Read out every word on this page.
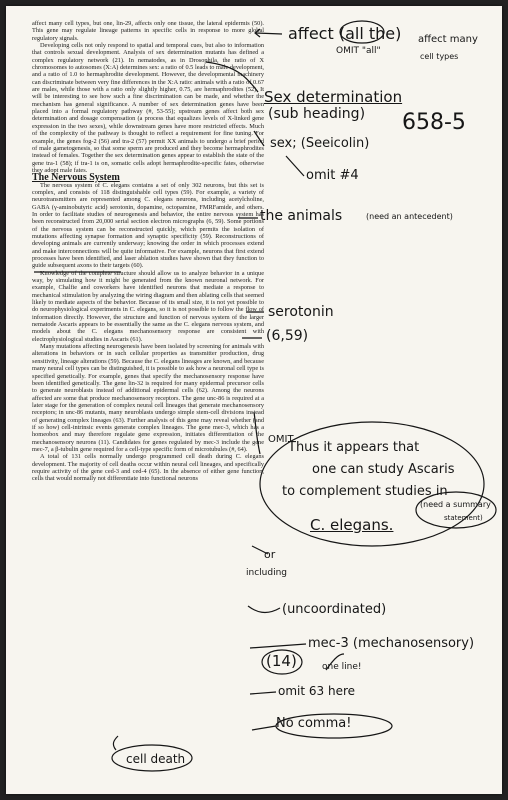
affect many cell types, but one, lin-29, affects only one tissue, the lateral epidermis (50). This gene may regulate lineage patterns in specific cells in response to more global regulatory signals.

Developing cells not only respond to spatial and temporal cues, but also to information that controls sexual development. Analysis of sex determination mutants has defined a complex regulatory network (21). In nematodes, as in Drosophila, the ratio of X chromosomes to autosomes (X:A) determines sex: a ratio of 0.5 leads to male development, and a ratio of 1.0 to hermaphrodite development. However, the developmental machinery can discriminate between very fine differences in the X:A ratio: animals with a ratio of 0.67 are males, while those with a ratio only slightly higher, 0.75, are hermaphrodites (52). It will be interesting to see how such a fine discrimination can be made, and whether the mechanism has general significance. A number of sex determination genes have been placed into a formal regulatory pathway (#, 53-55); upstream genes affect both sex determination and dosage compensation (a process that equalizes levels of X-linked gene expression in the two sexes), while downstream genes have more restricted effects. Much of the complexity of the pathway is thought to reflect a requirement for fine tuning. For example, the genes fog-2 (56) and tra-2 (57) permit XX animals to undergo a brief period of male gametogenesis, so that some sperm are produced and they become hermaphrodites instead of females. Together the sex determination genes appear to establish the state of the gene tra-1 (58); if tra-1 is on, somatic cells adopt hermaphrodite-specific fates, otherwise they adopt male fates.

The Nervous System

The nervous system of C. elegans contains a set of only 302 neurons, but this set is complex, and consists of 118 distinguishable cell types (59). For example, a variety of neurotransmitters are represented among C. elegans neurons, including acetylcholine, GABA (γ-aminobutyric acid) serotonin, dopamine, octopamine, FMRFamide, and others. In order to facilitate studies of neurogenesis and behavior, the entire nervous system has been reconstructed from 20,000 serial section electron micrographs (6, 59). Some portions of the nervous system can be reconstructed quickly, which permits the isolation of mutations affecting synapse formation and synaptic specificity (59). Reconstructions of developing animals are currently underway; knowing the order in which processes extend and make interconnections will be quite informative. For example, neurons that first extend processes have been identified, and laser ablation studies have shown that they function to guide subsequent axons to their targets (60).

Knowledge of the complete structure should allow us to analyze behavior in a unique way, by simulating how it might be generated from the known neuronal network. For example, Chalfie and coworkers have identified neurons that mediate a response to mechanical stimulation by analyzing the wiring diagram and then ablating cells that seemed likely to mediate aspects of the behavior. Because of its small size, it is not yet possible to do neurophysiological experiments in C. elegans, so it is not possible to follow the flow of information directly. However, the structure and function of nervous system of the larger nematode Ascaris appears to be essentially the same as the C. elegans nervous system, and models about the C. elegans mechanosensory response are consistent with electrophysiological studies in Ascaris (61).

Many mutations affecting neurogenesis have been isolated by screening for animals with alterations in behaviors or in such cellular properties as transmitter production, drug sensitivity, lineage alterations (59). Because the C. elegans lineages are known, and because many neural cell types can be distinguished, it is possible to ask how a neuronal cell type is specified genetically. For example, genes that specify the mechanosensory response have been identified genetically. The gene lin-32 is required for many epidermal precursor cells to generate neuroblasts instead of additional epidermal cells (62). Among the neurons affected are some that produce mechanosensory receptors. The gene unc-86 is required at a later stage for the generation of complex neural cell lineages that generate mechanosensory receptors; in unc-86 mutants, many neuroblasts undergo simple stem-cell divisions instead of generating complex lineages (63). Further analysis of this gene may reveal whether (and if so how) cell-intrinsic events generate complex lineages. The gene mec-3, which has a homeobox and may therefore regulate gene expression, initiates differentiation of the mechanosensory neurons (11). Candidates for genes regulated by mec-3 include the gene mec-7, a β-tubulin gene required for a cell-type specific form of microtubules (#, 64).

A total of 131 cells normally undergo programmed cell death during C. elegans development. The majority of cell deaths occur within neural cell lineages, and specifically require activity of the gene ced-3 and ced-4 (65). In the absence of either gene function, cells that would normally not differentiate into functional neurons

affect (all the) affect many
cell types
OMIT "all"
Sex determination
(sub heading) 658-5
sex; (Seeicolin)
omit #4
the animals	(need an antecedent)
serotonin
(6,59)
OMIT
Thus it appears that
one can study Ascaris
to complement studies in
C. elegans.
(need a summary
statement)
or
including
(uncoordinated)
mec-3 (mechanosensory)
(14)	one line!
omit 63 here
No comma!
cell death
